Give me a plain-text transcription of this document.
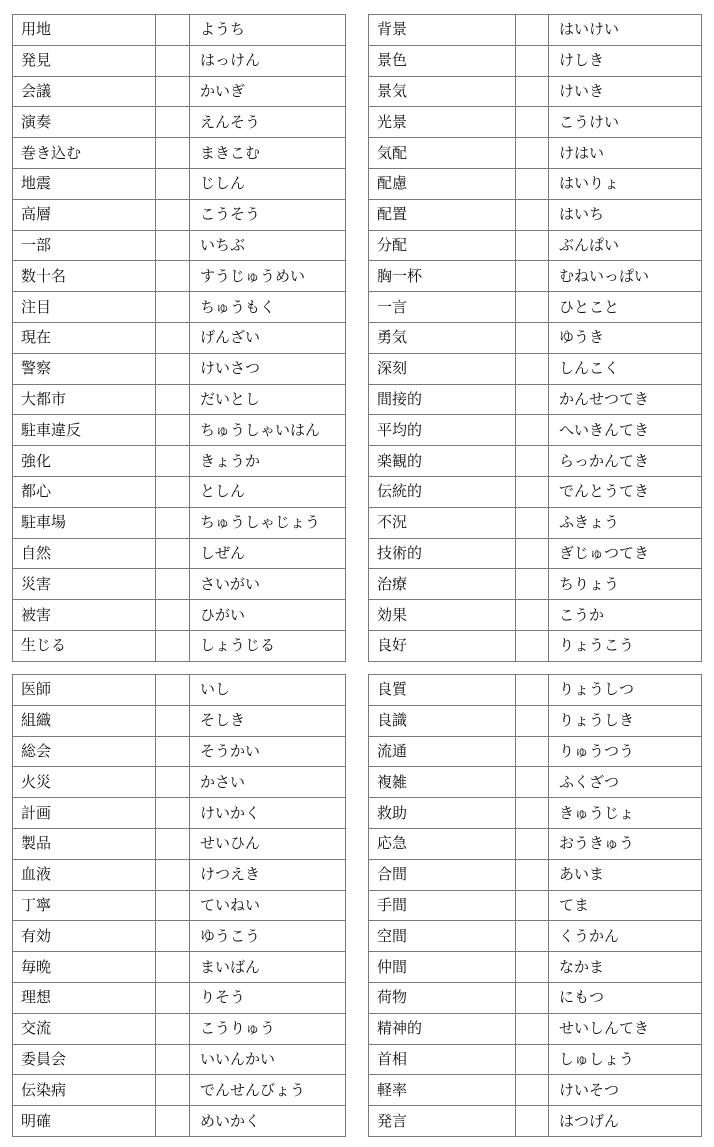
用地		ようち
発見		はっけん
会議		かいぎ
演奏		えんそう
巻き込む		まきこむ
地震		じしん
高層		こうそう
一部		いちぶ
数十名		すうじゅうめい
注目		ちゅうもく
現在		げんざい
警察		けいさつ
大都市		だいとし
駐車違反		ちゅうしゃいはん
強化		きょうか
都心		としん
駐車場		ちゅうしゃじょう
自然		しぜん
災害		さいがい
被害		ひがい
生じる		しょうじる
背景		はいけい
景色		けしき
景気		けいき
光景		こうけい
気配		けはい
配慮		はいりょ
配置		はいち
分配		ぶんぱい
胸一杯		むねいっぱい
一言		ひとこと
勇気		ゆうき
深刻		しんこく
間接的		かんせつてき
平均的		へいきんてき
楽観的		らっかんてき
伝統的		でんとうてき
不況		ふきょう
技術的		ぎじゅつてき
治療		ちりょう
効果		こうか
良好		りょうこう
医師		いし
組織		そしき
総会		そうかい
火災		かさい
計画		けいかく
製品		せいひん
血液		けつえき
丁寧		ていねい
有効		ゆうこう
毎晩		まいばん
理想		りそう
交流		こうりゅう
委員会		いいんかい
伝染病		でんせんびょう
明確		めいかく
良質		りょうしつ
良識		りょうしき
流通		りゅうつう
複雑		ふくざつ
救助		きゅうじょ
応急		おうきゅう
合間		あいま
手間		てま
空間		くうかん
仲間		なかま
荷物		にもつ
精神的		せいしんてき
首相		しゅしょう
軽率		けいそつ
発言		はつげん
